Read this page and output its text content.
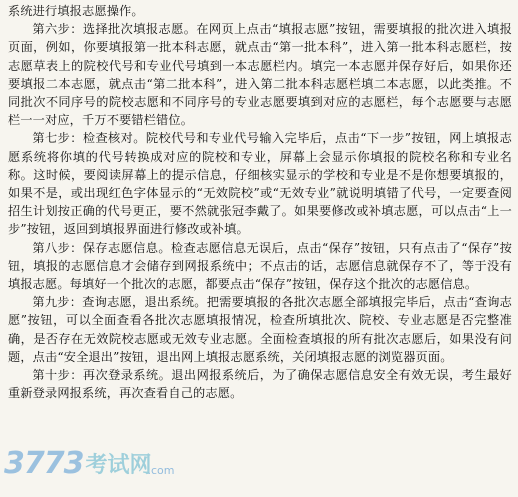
系统进行填报志愿操作。

第六步：选择批次填报志愿。在网页上点击“填报志愿”按钮，需要填报的批次进入填报页面，例如，你要填报第一批本科志愿，就点击“第一批本科”，进入第一批本科志愿栏，按志愿草表上的院校代号和专业代号填到一本志愿栏内。填完一本志愿并保存好后，如果你还要填报二本志愿，就点击“第二批本科”，进入第二批本科志愿栏填二本志愿，以此类推。不同批次不同序号的院校志愿和不同序号的专业志愿要填到对应的志愿栏，每个志愿要与志愿栏一一对应，千万不要错栏错位。

第七步：检查核对。院校代号和专业代号输入完毕后，点击“下一步”按钮，网上填报志愿系统将你填的代号转换成对应的院校和专业，屏幕上会显示你填报的院校名称和专业名称。这时候，要阅读屏幕上的提示信息，仔细核实显示的学校和专业是不是你想要填报的，如果不是，或出现红色字体显示的“无效院校”或“无效专业”就说明填错了代号，一定要查阅招生计划按正确的代号更正，要不然就张冠李戴了。如果要修改或补填志愿，可以点击“上一步”按钮，返回到填报界面进行修改或补填。

第八步：保存志愿信息。检查志愿信息无误后，点击“保存”按钮，只有点击了“保存”按钮，填报的志愿信息才会储存到网报系统中；不点击的话，志愿信息就保存不了，等于没有填报志愿。每填好一个批次的志愿，都要点击“保存”按钮，保存这个批次的志愿信息。

第九步：查询志愿，退出系统。把需要填报的各批次志愿全部填报完毕后，点击“查询志愿”按钮，可以全面查看各批次志愿填报情况，检查所填批次、院校、专业志愿是否完整准确，是否存在无效院校志愿或无效专业志愿。全面检查填报的所有批次志愿后，如果没有问题，点击“安全退出”按钮，退出网上填报志愿系统，关闭填报志愿的浏览器页面。

第十步：再次登录系统。退出网报系统后，为了确保志愿信息安全有效无误，考生最好重新登录网报系统，再次查看自己的志愿。

3773 考试网
.com
